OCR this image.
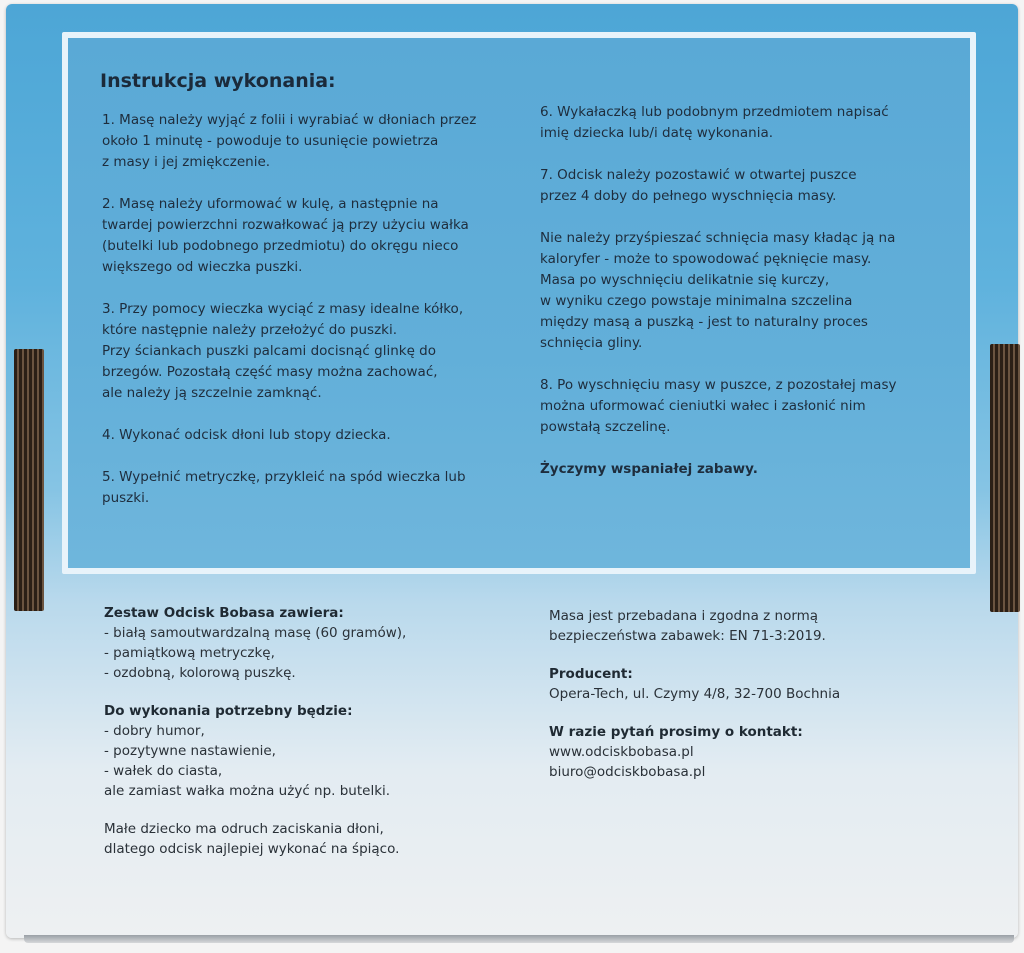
Instrukcja wykonania:

1. Masę należy wyjąć z folii i wyrabiać w dłoniach przez
około 1 minutę - powoduje to usunięcie powietrza
z masy i jej zmiękczenie.

2. Masę należy uformować w kulę, a następnie na
twardej powierzchni rozwałkować ją przy użyciu wałka
(butelki lub podobnego przedmiotu) do okręgu nieco
większego od wieczka puszki.

3. Przy pomocy wieczka wyciąć z masy idealne kółko,
które następnie należy przełożyć do puszki.
Przy ściankach puszki palcami docisnąć glinkę do
brzegów. Pozostałą część masy można zachować,
ale należy ją szczelnie zamknąć.

4. Wykonać odcisk dłoni lub stopy dziecka.

5. Wypełnić metryczkę, przykleić na spód wieczka lub
puszki.

6. Wykałaczką lub podobnym przedmiotem napisać
imię dziecka lub/i datę wykonania.

7. Odcisk należy pozostawić w otwartej puszce
przez 4 doby do pełnego wyschnięcia masy.

Nie należy przyśpieszać schnięcia masy kładąc ją na
kaloryfer - może to spowodować pęknięcie masy.
Masa po wyschnięciu delikatnie się kurczy,
w wyniku czego powstaje minimalna szczelina
między masą a puszką - jest to naturalny proces
schnięcia gliny.

8. Po wyschnięciu masy w puszce, z pozostałej masy
można uformować cieniutki wałec i zasłonić nim
powstałą szczelinę.

Życzymy wspaniałej zabawy.

Zestaw Odcisk Bobasa zawiera:
- białą samoutwardzalną masę (60 gramów),
- pamiątkową metryczkę,
- ozdobną, kolorową puszkę.
Do wykonania potrzebny będzie:
- dobry humor,
- pozytywne nastawienie,
- wałek do ciasta,
ale zamiast wałka można użyć np. butelki.

Małe dziecko ma odruch zaciskania dłoni,
dlatego odcisk najlepiej wykonać na śpiąco.

Masa jest przebadana i zgodna z normą
bezpieczeństwa zabawek: EN 71-3:2019.

Producent:

Opera-Tech, ul. Czymy 4/8, 32-700 Bochnia

W razie pytań prosimy o kontakt:
www.odciskbobasa.pl
biuro@odciskbobasa.pl
